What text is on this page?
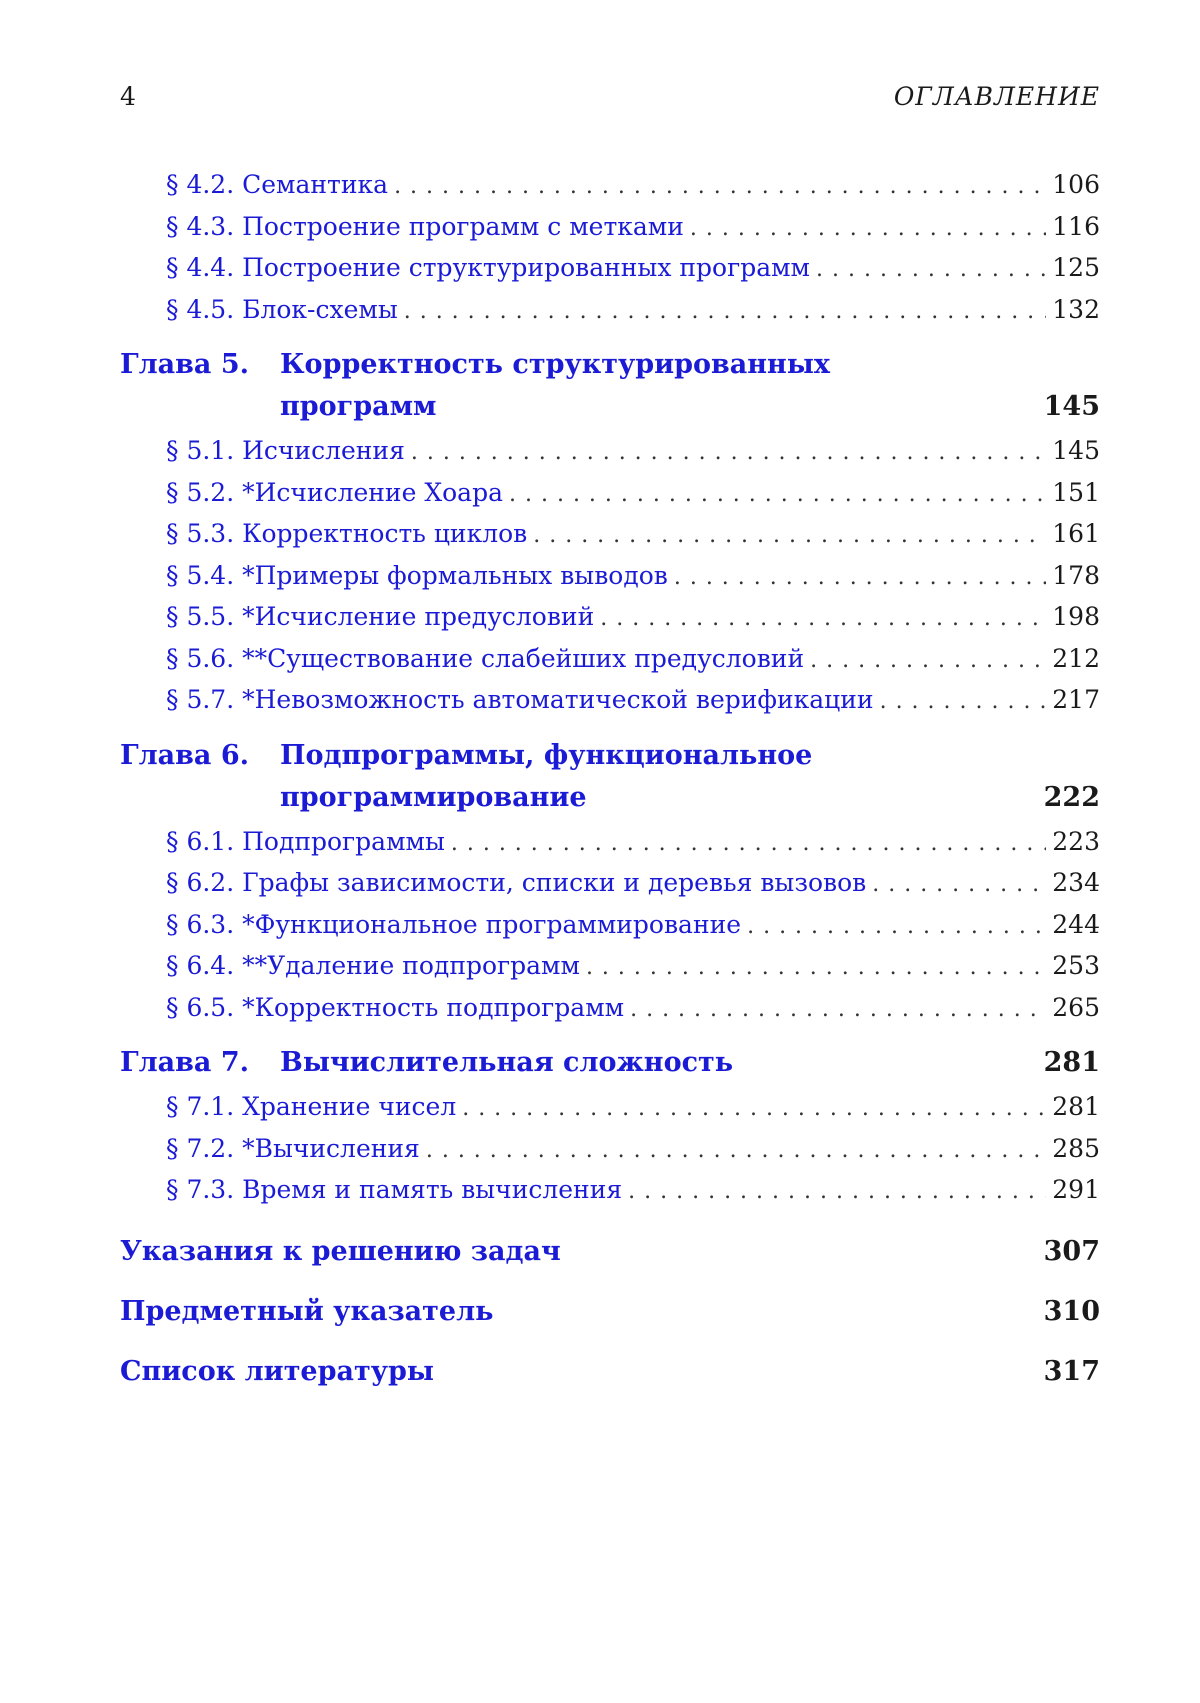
4	ОГЛАВЛЕНИЕ
§ 4.2. Семантика . . .	106
§ 4.3. Построение программ с метками . . .	116
§ 4.4. Построение структурированных программ . . .	125
§ 4.5. Блок-схемы . . .	132
Глава 5.	Корректность структурированных
программ	145
§ 5.1. Исчисления . . .	145
§ 5.2. *Исчисление Хоара . . .	151
§ 5.3. Корректность циклов . . .	161
§ 5.4. *Примеры формальных выводов . . .	178
§ 5.5. *Исчисление предусловий . . .	198
§ 5.6. **Существование слабейших предусловий . . .	212
§ 5.7. *Невозможность автоматической верификации . . .	217
Глава 6.	Подпрограммы, функциональное
программирование	222
§ 6.1. Подпрограммы . . .	223
§ 6.2. Графы зависимости, списки и деревья вызовов . . .	234
§ 6.3. *Функциональное программирование . . .	244
§ 6.4. **Удаление подпрограмм . . .	253
§ 6.5. *Корректность подпрограмм . . .	265
Глава 7.	Вычислительная сложность	281
§ 7.1. Хранение чисел . . .	281
§ 7.2. *Вычисления . . .	285
§ 7.3. Время и память вычисления . . .	291
Указания к решению задач	307
Предметный указатель	310
Список литературы	317
